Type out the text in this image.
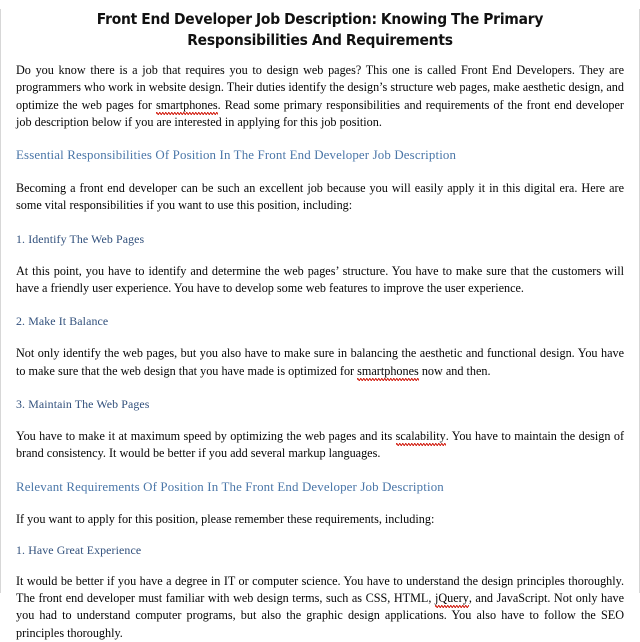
Front End Developer Job Description: Knowing The Primary Responsibilities And Requirements

Do you know there is a job that requires you to design web pages? This one is called Front End Developers. They are programmers who work in website design. Their duties identify the design’s structure web pages, make aesthetic design, and optimize the web pages for smartphones. Read some primary responsibilities and requirements of the front end developer job description below if you are interested in applying for this job position.

Essential Responsibilities Of Position In The Front End Developer Job Description

Becoming a front end developer can be such an excellent job because you will easily apply it in this digital era. Here are some vital responsibilities if you want to use this position, including:

1. Identify The Web Pages

At this point, you have to identify and determine the web pages’ structure. You have to make sure that the customers will have a friendly user experience. You have to develop some web features to improve the user experience.

2. Make It Balance

Not only identify the web pages, but you also have to make sure in balancing the aesthetic and functional design. You have to make sure that the web design that you have made is optimized for smartphones now and then.

3. Maintain The Web Pages

You have to make it at maximum speed by optimizing the web pages and its scalability. You have to maintain the design of brand consistency. It would be better if you add several markup languages.

Relevant Requirements Of Position In The Front End Developer Job Description

If you want to apply for this position, please remember these requirements, including:

1. Have Great Experience

It would be better if you have a degree in IT or computer science. You have to understand the design principles thoroughly. The front end developer must familiar with web design terms, such as CSS, HTML, jQuery, and JavaScript. Not only have you had to understand computer programs, but also the graphic design applications. You also have to follow the SEO principles thoroughly.
